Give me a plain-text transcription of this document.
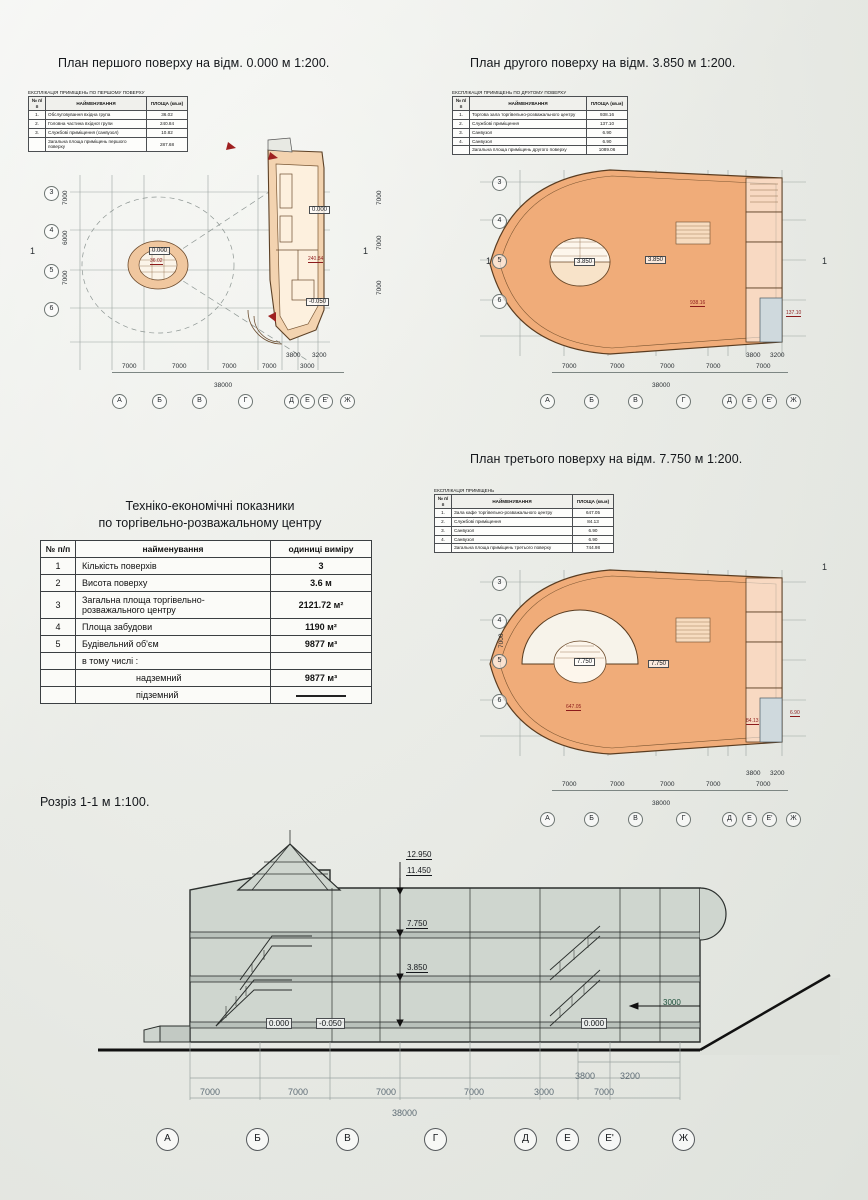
План першого поверху на відм. 0.000 м 1:200.	План другого поверху на відм. 3.850 м 1:200.
План третього поверху на відм. 7.750 м 1:200.
Розріз 1-1 м 1:100.
ЕКСПЛІКАЦІЯ ПРИМІЩЕНЬ ПО ПЕРШОМУ ПОВЕРХУ
№ п/п	НАЙМЕНУВАННЯ	ПЛОЩА (кв.м)
1.	Обслуговування вхідна група	36.02
2.	Головна частина вхідної групи	240.84
3.	Службові приміщення (санвузол)	10.82
	Загальна площа приміщень першого поверху	287.68
ЕКСПЛІКАЦІЯ ПРИМІЩЕНЬ ПО ДРУГОМУ ПОВЕРХУ
№ п/п	НАЙМЕНУВАННЯ	ПЛОЩА (кв.м)
1.	Торгова зала торгівельно-розважального центру	938.16
2.	Службові приміщення	137.10
3.	Санвузол	6.90
4.	Санвузол	6.90
	Загальна площа приміщень другого поверху	1089.06
ЕКСПЛІКАЦІЯ ПРИМІЩЕНЬ
№ п/п	НАЙМЕНУВАННЯ	ПЛОЩА (кв.м)
1.	Зала кафе торгівельно-розважального центру	647.05
2.	Службові приміщення	84.13
3.	Санвузол	6.90
4.	Санвузол	6.90
	Загальна площа приміщень третього поверху	744.98
0.000
0.000
-0.050
240.84
36.02
3
4
5
6
7000
6000
7000
7000
7000
7000
1	1
7000	7000	7000	7000	3000
3800 3200
38000
А	Б	В	Г	Д	Е	Е'	Ж
3.850
3.850
938.16
137.10
3
4
5
6
1	1
7000	7000	7000	7000
3800 3200
7000
38000
А	Б	В	Г	Д	Е	Е'	Ж
7.750
7.750
647.05
84.13
6.90
3
4
5
6
1
7000
7000	7000	7000	7000
3800 3200
7000
38000
А	Б	В	Г	Д	Е	Е'	Ж
Техніко-економічні показники
по торгівельно-розважальному центру
№ п/п	найменування	одиниці виміру
1	Кількість поверхів	3
2	Висота поверху	3.6 м
3	Загальна площа торгівельно-розважального центру	2121.72 м²
4	Площа забудови	1190 м²
5	Будівельний об'єм	9877 м³
	в тому числі :	
	надземний	9877 м³
	підземний	
12.950
11.450
7.750
3.850
0.000	-0.050	0.000
3000
7000	7000	7000	7000	3000
3800	3200
7000
38000
А	Б	В	Г	Д	Е	Е'	Ж
